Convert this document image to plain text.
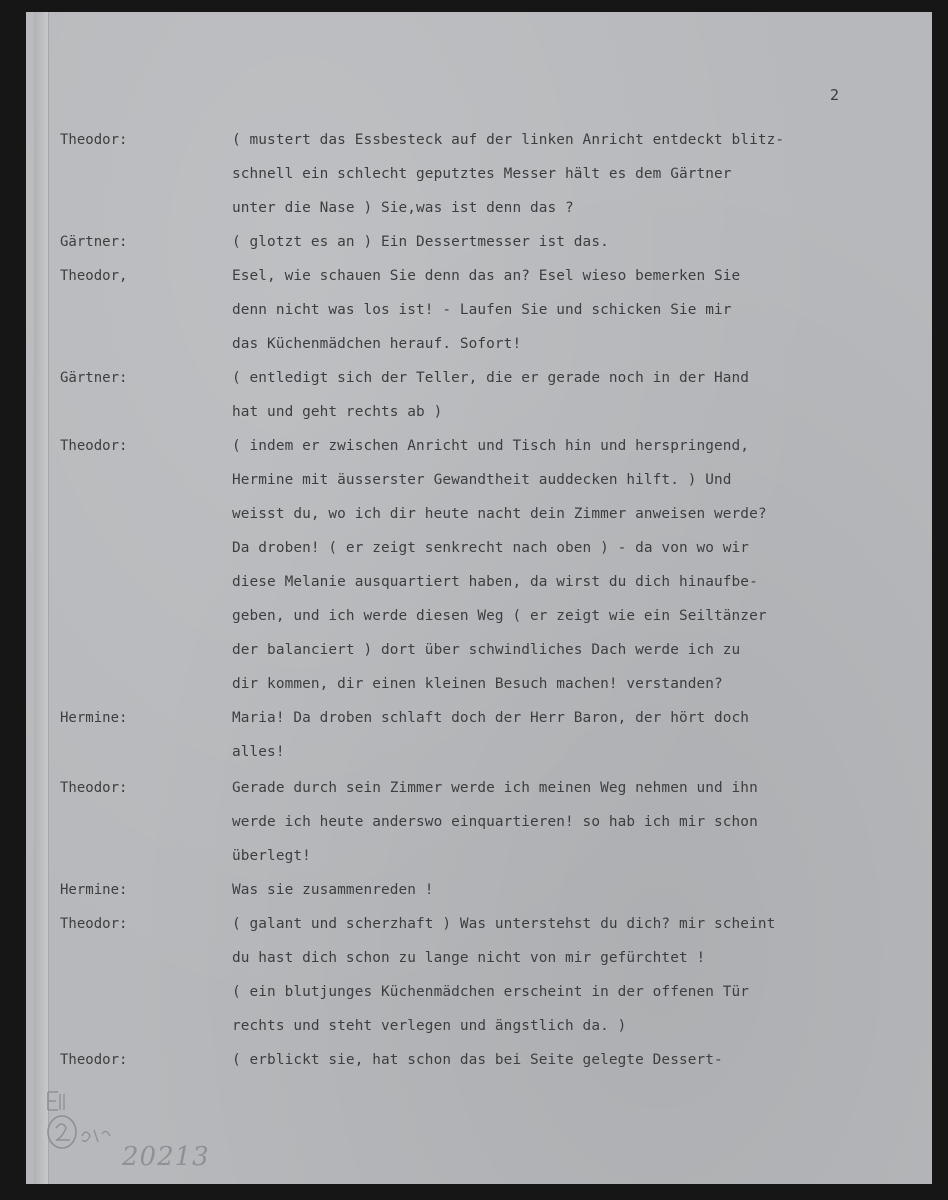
2
Theodor:	( mustert das Essbesteck auf der linken Anricht entdeckt blitz-
schnell ein schlecht geputztes Messer hält es dem Gärtner
unter die Nase ) Sie,was ist denn das ?
Gärtner:	( glotzt es an ) Ein Dessertmesser ist das.
Theodor,	Esel, wie schauen Sie denn das an? Esel wieso bemerken Sie
denn nicht was los ist! - Laufen Sie und schicken Sie mir
das Küchenmädchen herauf. Sofort!
Gärtner:	( entledigt sich der Teller, die er gerade noch in der Hand
hat und geht rechts ab )
Theodor:	( indem er zwischen Anricht und Tisch hin und herspringend,
Hermine mit äusserster Gewandtheit auddecken hilft. ) Und
weisst du, wo ich dir heute nacht dein Zimmer anweisen werde?
Da droben! ( er zeigt senkrecht nach oben ) - da von wo wir
diese Melanie ausquartiert haben, da wirst du dich hinaufbe-
geben, und ich werde diesen Weg ( er zeigt wie ein Seiltänzer
der balanciert ) dort über schwindliches Dach werde ich zu
dir kommen, dir einen kleinen Besuch machen! verstanden?
Hermine:	Maria! Da droben schlaft doch der Herr Baron, der hört doch
alles!
Theodor:	Gerade durch sein Zimmer werde ich meinen Weg nehmen und ihn
werde ich heute anderswo einquartieren! so hab ich mir schon
überlegt!
Hermine:	Was sie zusammenreden !
Theodor:	( galant und scherzhaft ) Was unterstehst du dich? mir scheint
du hast dich schon zu lange nicht von mir gefürchtet !
( ein blutjunges Küchenmädchen erscheint in der offenen Tür
rechts und steht verlegen und ängstlich da. )
Theodor:	( erblickt sie, hat schon das bei Seite gelegte Dessert-
20213
